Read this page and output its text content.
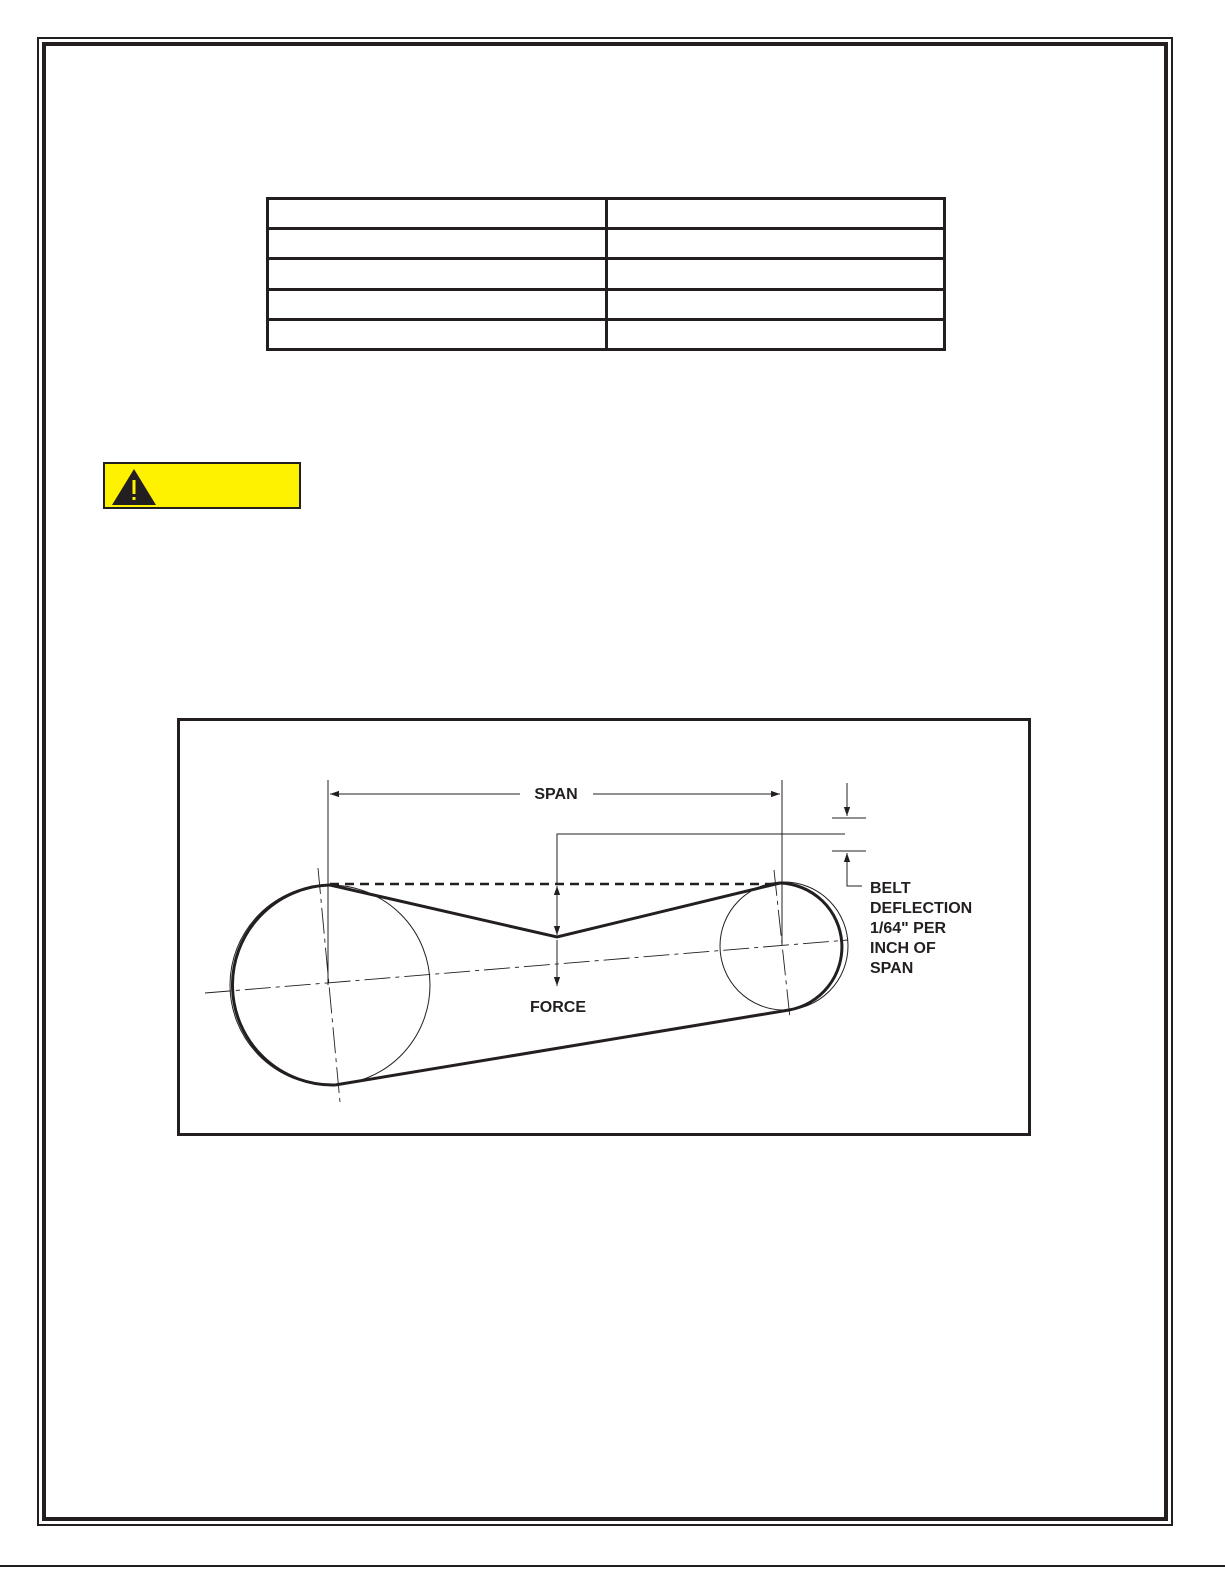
SPAN
FORCE
BELT
DEFLECTION
1/64" PER
INCH OF
SPAN
